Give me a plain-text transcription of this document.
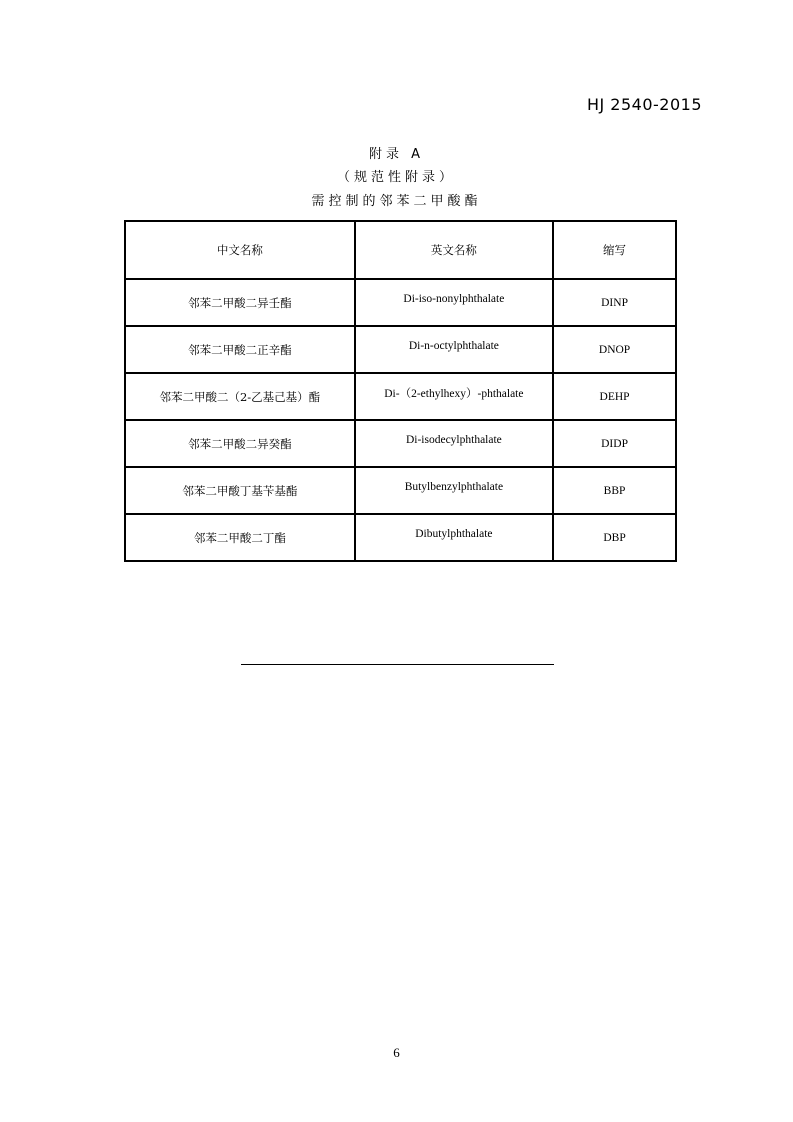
HJ 2540-2015
附录 A
（规范性附录）
需控制的邻苯二甲酸酯
中文名称	英文名称	缩写
邻苯二甲酸二异壬酯	Di-iso-nonylphthalate	DINP
邻苯二甲酸二正辛酯	Di-n-octylphthalate	DNOP
邻苯二甲酸二（2-乙基己基）酯	Di-（2-ethylhexy）-phthalate	DEHP
邻苯二甲酸二异癸酯	Di-isodecylphthalate	DIDP
邻苯二甲酸丁基苄基酯	Butylbenzylphthalate	BBP
邻苯二甲酸二丁酯	Dibutylphthalate	DBP
6
